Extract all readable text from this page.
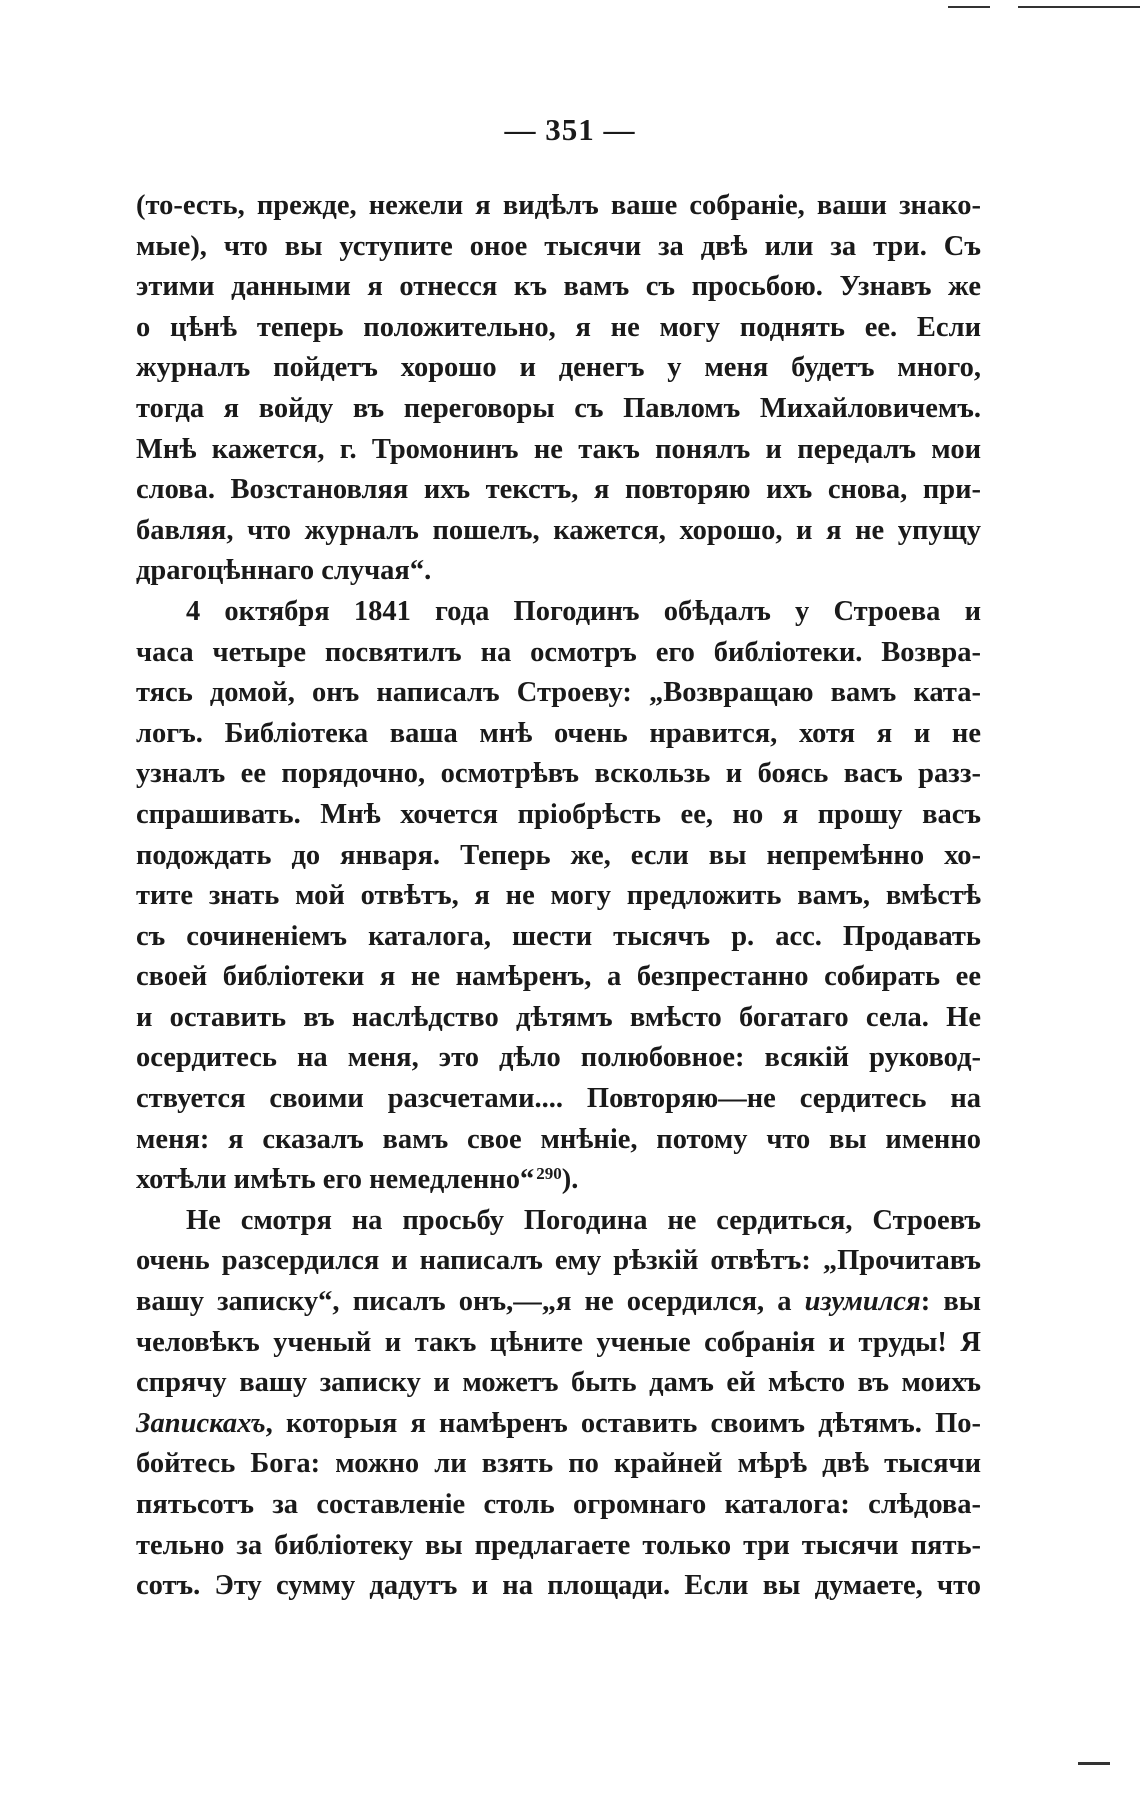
— 351 —
(то-есть, прежде, нежели я видѣлъ ваше собраніе, ваши знако-
мые), что вы уступите оное тысячи за двѣ или за три. Съ
этими данными я отнесся къ вамъ съ просьбою. Узнавъ же
о цѣнѣ теперь положительно, я не могу поднять ее. Если
журналъ пойдетъ хорошо и денегъ у меня будетъ много,
тогда я войду въ переговоры съ Павломъ Михайловичемъ.
Мнѣ кажется, г. Тромонинъ не такъ понялъ и передалъ мои
слова. Возстановляя ихъ текстъ, я повторяю ихъ снова, при-
бавляя, что журналъ пошелъ, кажется, хорошо, и я не упущу
драгоцѣннаго случая“.
4 октября 1841 года Погодинъ обѣдалъ у Строева и
часа четыре посвятилъ на осмотръ его библіотеки. Возвра-
тясь домой, онъ написалъ Строеву: „Возвращаю вамъ ката-
логъ. Библіотека ваша мнѣ очень нравится, хотя я и не
узналъ ее порядочно, осмотрѣвъ вскользь и боясь васъ разз-
спрашивать. Мнѣ хочется пріобрѣсть ее, но я прошу васъ
подождать до января. Теперь же, если вы непремѣнно хо-
тите знать мой отвѣтъ, я не могу предложить вамъ, вмѣстѣ
съ сочиненіемъ каталога, шести тысячъ р. асс. Продавать
своей библіотеки я не намѣренъ, а безпрестанно собирать ее
и оставить въ наслѣдство дѣтямъ вмѣсто богатаго села. Не
осердитесь на меня, это дѣло полюбовное: всякій руковод-
ствуется своими разсчетами.... Повторяю—не сердитесь на
меня: я сказалъ вамъ свое мнѣніе, потому что вы именно
хотѣли имѣть его немедленно“ $^{290}$).
Не смотря на просьбу Погодина не сердиться, Строевъ
очень разсердился и написалъ ему рѣзкій отвѣтъ: „Прочитавъ
вашу записку“, писалъ онъ,—„я не осердился, а изумился: вы
человѣкъ ученый и такъ цѣните ученые собранія и труды! Я
спрячу вашу записку и можетъ быть дамъ ей мѣсто въ моихъ
Запискахъ, которыя я намѣренъ оставить своимъ дѣтямъ. По-
бойтесь Бога: можно ли взять по крайней мѣрѣ двѣ тысячи
пятьсотъ за составленіе столь огромнаго каталога: слѣдова-
тельно за библіотеку вы предлагаете только три тысячи пять-
сотъ. Эту сумму дадутъ и на площади. Если вы думаете, что
